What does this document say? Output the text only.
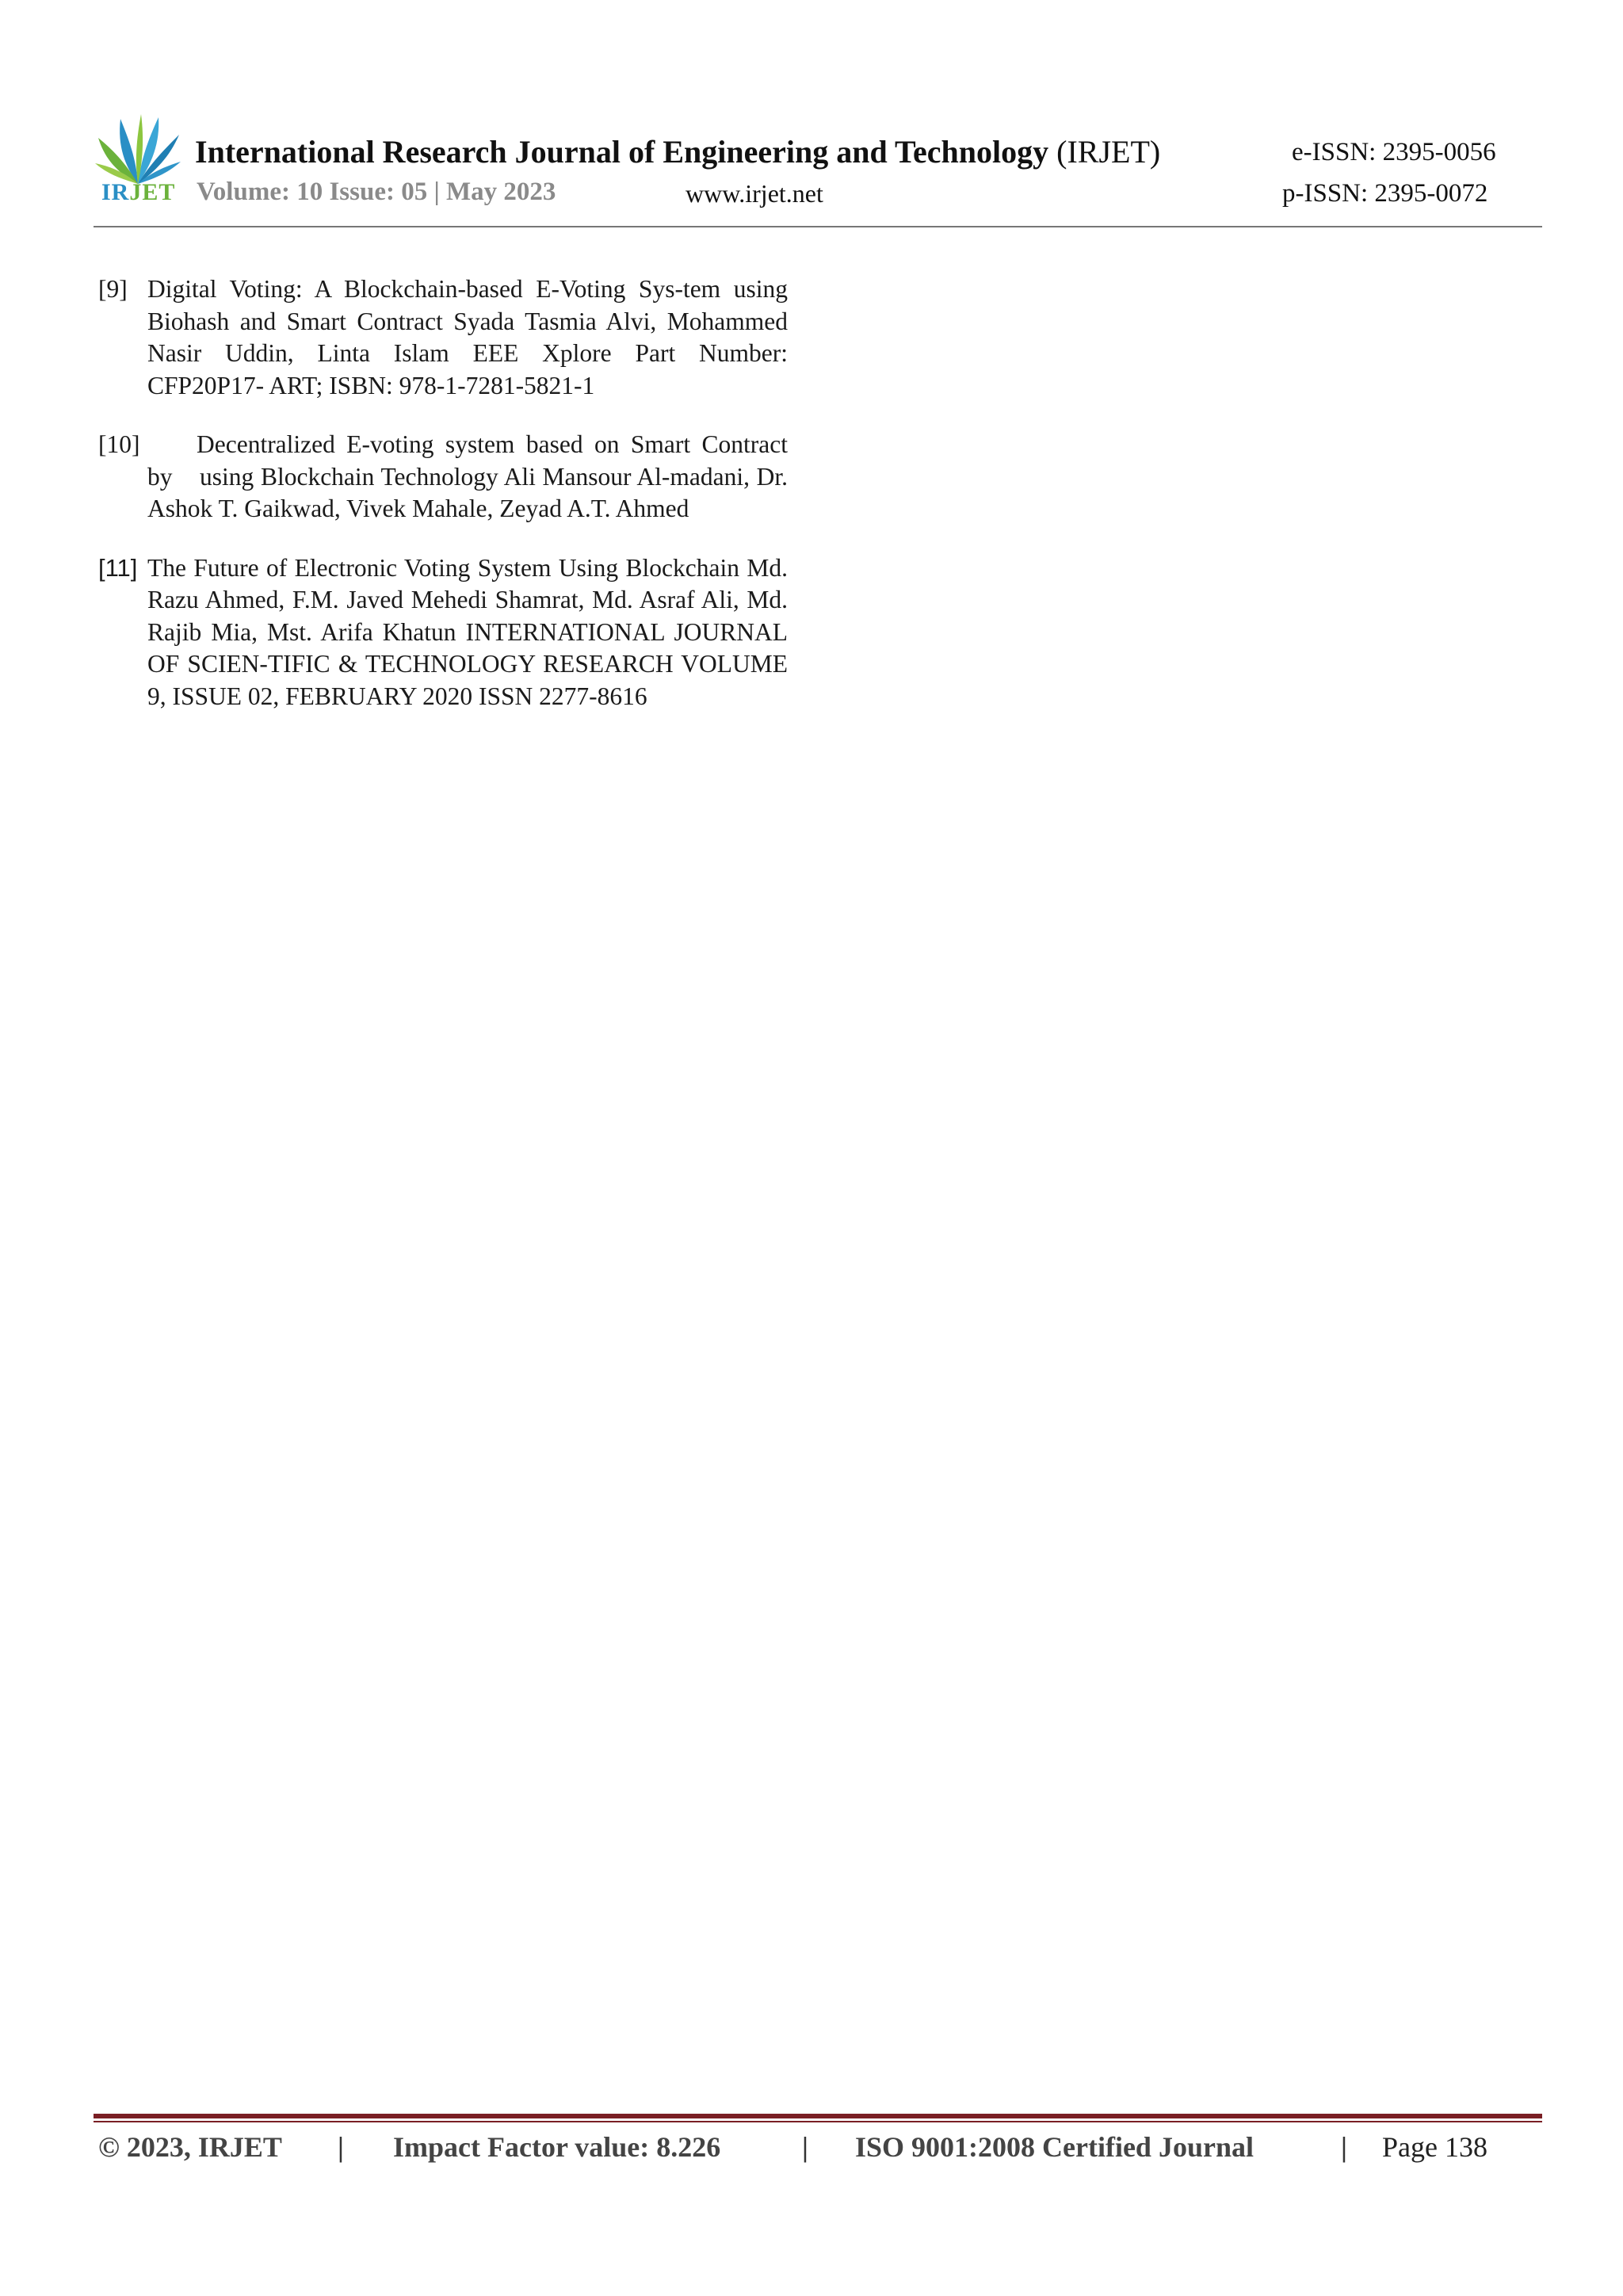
IRJET
International Research Journal of Engineering and Technology (IRJET)	e-ISSN: 2395-0056
Volume: 10 Issue: 05 | May 2023	www.irjet.net	p-ISSN: 2395-0072
[9] Digital Voting: A Blockchain-based E-Voting Sys-tem using Biohash and Smart Contract Syada Tasmia Alvi, Mohammed Nasir Uddin, Linta Islam EEE Xplore Part Number: CFP20P17- ART; ISBN: 978-1-7281-5821-1
[10] Decentralized E-voting system based on Smart Contract by    using Blockchain Technology Ali Mansour Al-madani, Dr. Ashok T. Gaikwad, Vivek Mahale, Zeyad A.T. Ahmed
[11] The Future of Electronic Voting System Using Blockchain Md. Razu Ahmed, F.M. Javed Mehedi Shamrat, Md. Asraf Ali, Md. Rajib Mia, Mst. Arifa Khatun INTERNATIONAL JOURNAL OF SCIEN-TIFIC & TECHNOLOGY RESEARCH VOLUME 9, ISSUE 02, FEBRUARY 2020 ISSN 2277-8616
© 2023, IRJET | Impact Factor value: 8.226	| ISO 9001:2008 Certified Journal	| Page 138
